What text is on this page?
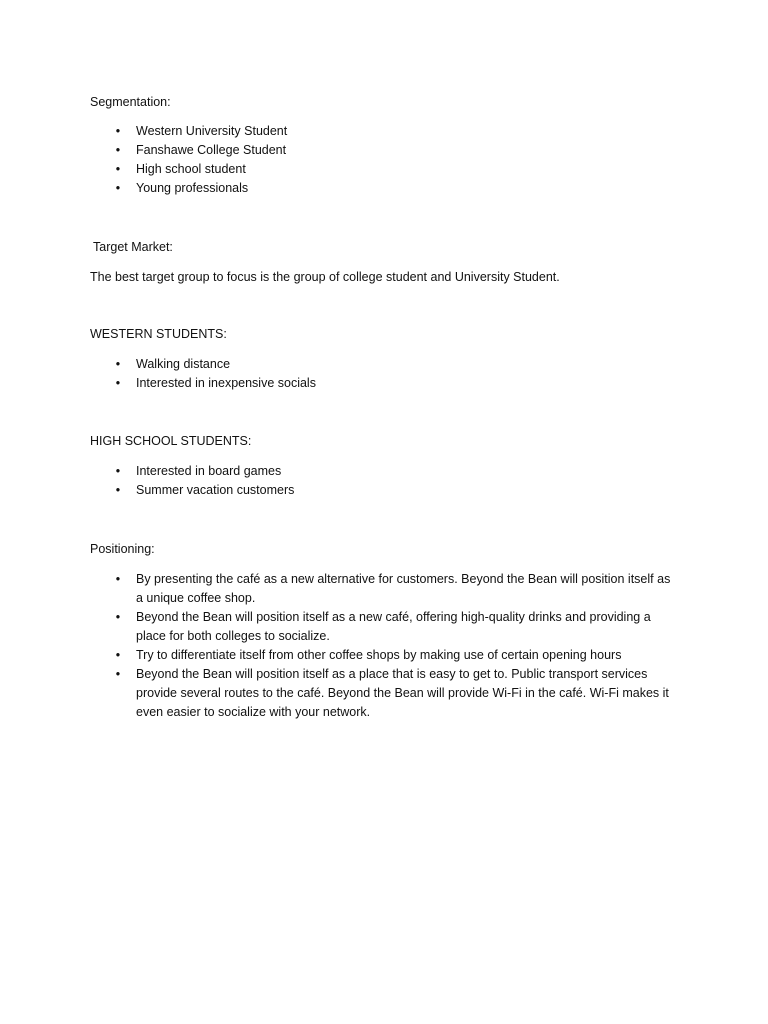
Segmentation:

• Western University Student
• Fanshawe College Student
• High school student
• Young professionals

Target Market:

The best target group to focus is the group of college student and University Student.

WESTERN STUDENTS:

• Walking distance
• Interested in inexpensive socials

HIGH SCHOOL STUDENTS:

• Interested in board games
• Summer vacation customers

Positioning:

• By presenting the café as a new alternative for customers. Beyond the Bean will position itself as a unique coffee shop.
• Beyond the Bean will position itself as a new café, offering high-quality drinks and providing a place for both colleges to socialize.
• Try to differentiate itself from other coffee shops by making use of certain opening hours
• Beyond the Bean will position itself as a place that is easy to get to. Public transport services provide several routes to the café. Beyond the Bean will provide Wi-Fi in the café. Wi-Fi makes it even easier to socialize with your network.
